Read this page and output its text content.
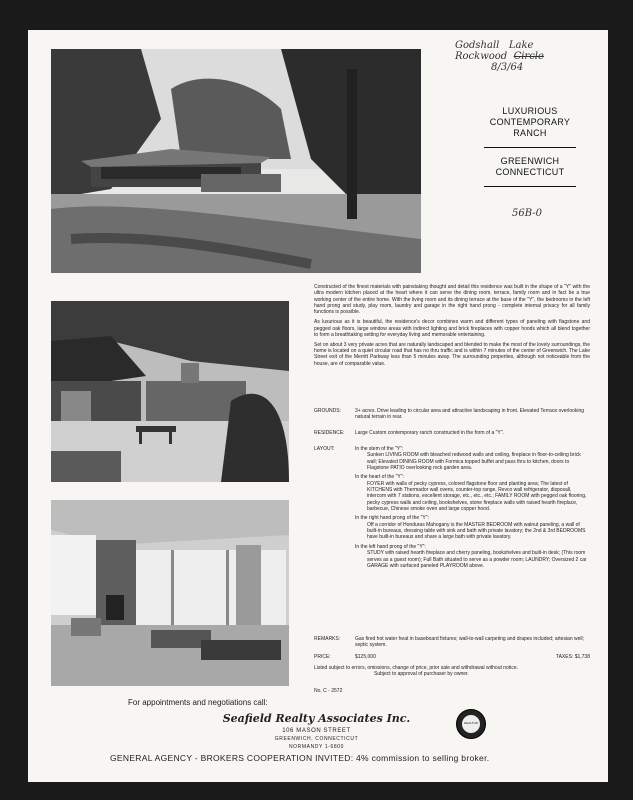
Godshall Lake
Rockwood Circle
8/3/64
56B-0
LUXURIOUS
CONTEMPORARY
RANCH
GREENWICH
CONNECTICUT

Constructed of the finest materials with painstaking thought and detail this residence was built in the shape of a "Y" with the ultra modern kitchen placed at the heart where it can serve the dining room, terrace, family room and in fact be a true working center of the entire home. With the living room and its dining terrace at the base of the "Y", the bedrooms in the left hand prong and study, play room, laundry and garage in the right hand prong - complete internal privacy for all family functions is possible.

As luxurious as it is beautiful, the residence's decor combines warm and different types of paneling with flagstone and pegged oak floors, large window areas with indirect lighting and brick fireplaces with copper hoods which all blend together to form a breathtaking setting for everyday living and memorable entertaining.

Set on about 3 very private acres that are naturally landscaped and blended to make the most of the lovely surroundings, the home is located on a quiet circular road that has no thru traffic and is within 7 minutes of the center of Greenwich. The Lake Street exit of the Merritt Parkway less than 5 minutes away. The surrounding properties, although not noticeable from the house, are of comparable value.

GROUNDS:	3+ acres. Drive leading to circular area and attractive landscaping in front. Elevated Terrace overlooking natural terrain in rear.
RESIDENCE:	Large Custom contemporary ranch constructed in the form of a "Y".
LAYOUT:	In the stem of the "Y":
Sunken LIVING ROOM with bleached redwood walls and ceiling, fireplace in floor-to-ceiling brick wall; Elevated DINING ROOM with Formica topped buffet and pass thru to kitchen, doors to Flagstone PATIO overlooking rock garden area.
In the heart of the "Y":
FOYER with walls of pecky cypress, colored flagstone floor and planting area; The latest of KITCHENS with Thermador wall ovens, counter-top range, Revco wall refrigerator, disposall, intercom with 7 stations, excellent storage, etc., etc., etc.; FAMILY ROOM with pegged oak flooring, pecky cypress walls and ceiling, bookshelves, stone fireplace walls with raised hearth fireplace, barbecue, Chinese smoke oven and large copper hood.
In the right hand prong of the "Y":
Off a corridor of Honduras Mahogany is the MASTER BEDROOM with walnut paneling, a wall of built-in bureaus, dressing table with sink and bath with private lavatory; the 2nd & 3rd BEDROOMS have built-in bureaus and share a large bath with private lavatory.
In the left hand prong of the "Y":
STUDY with raised hearth fireplace and cherry paneling, bookshelves and built-in desk; (This room serves as a guest room); Full Bath situated to serve as a powder room; LAUNDRY; Oversized 2 car GARAGE with surfaced paneled PLAYROOM above.
REMARKS:	Gas fired hot water heat in baseboard fixtures; wall-to-wall carpeting and drapes included; artesian well; septic system.
PRICE:	$125,000	TAXES: $1,738
Listed subject to errors, omissions, change of price, prior sale and withdrawal without notice.
Subject to approval of purchaser by owner.
No. C - 2572
For appointments and negotiations call:
Seafield Realty Associates Inc.
106 MASON STREET
GREENWICH, CONNECTICUT
NORMANDY 1-6800
REALTOR
GENERAL AGENCY - BROKERS COOPERATION INVITED: 4% commission to selling broker.
